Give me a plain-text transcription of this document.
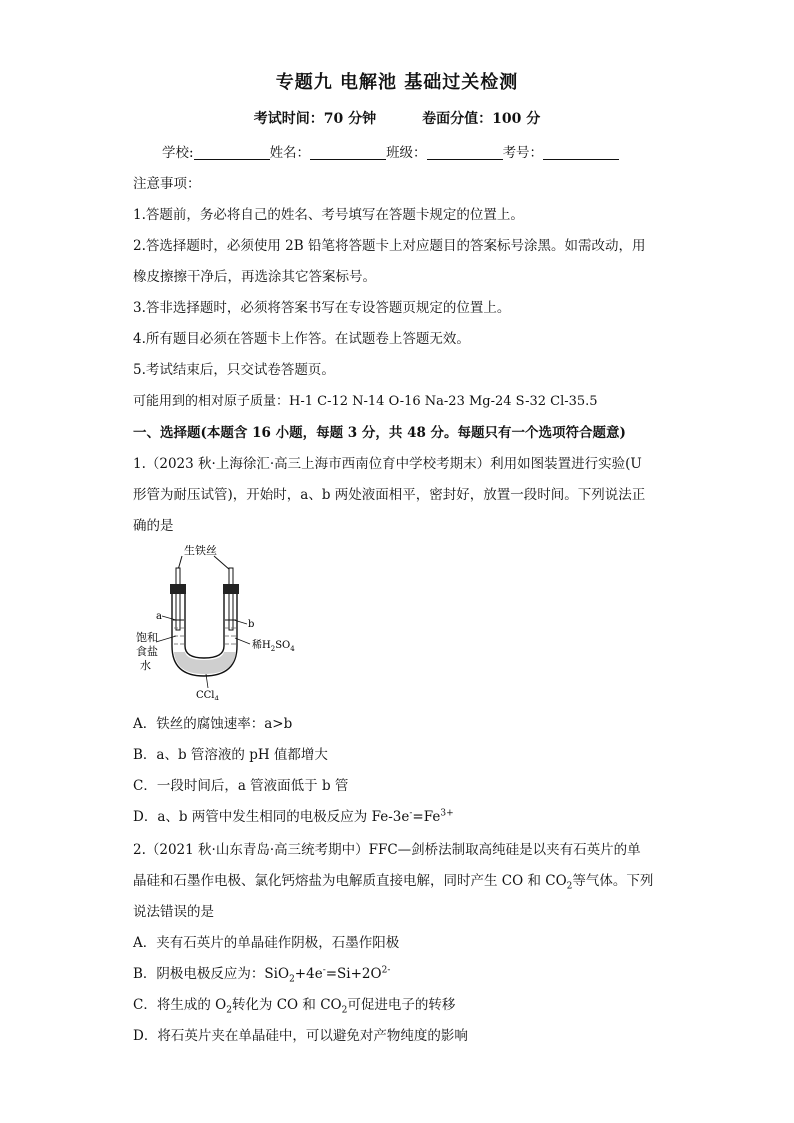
专题九 电解池 基础过关检测
考试时间：70 分钟	卷面分值：100 分
学校:	姓名：	班级：	考号：
注意事项：
1.答题前，务必将自己的姓名、考号填写在答题卡规定的位置上。
2.答选择题时，必须使用 2B 铅笔将答题卡上对应题目的答案标号涂黑。如需改动，用
橡皮擦擦干净后，再选涂其它答案标号。
3.答非选择题时，必须将答案书写在专设答题页规定的位置上。
4.所有题目必须在答题卡上作答。在试题卷上答题无效。
5.考试结束后，只交试卷答题页。
可能用到的相对原子质量：H-1 C-12 N-14 O-16 Na-23 Mg-24 S-32 Cl-35.5
一、选择题(本题含 16 小题，每题 3 分，共 48 分。每题只有一个选项符合题意)
1.（2023 秋·上海徐汇·高三上海市西南位育中学校考期末）利用如图装置进行实验(U
形管为耐压试管)，开始时，a、b 两处液面相平，密封好，放置一段时间。下列说法正
确的是
生铁丝
a
b
饱和
食盐
水
稀$H_2SO_4$
CCl$_4$
A．铁丝的腐蚀速率：a>b
B．a、b 管溶液的 pH 值都增大
C．一段时间后，a 管液面低于 b 管
D．a、b 两管中发生相同的电极反应为 $Fe-3e^-=Fe^{3+}$
2.（2021 秋·山东青岛·高三统考期中）FFC—剑桥法制取高纯硅是以夹有石英片的单
晶硅和石墨作电极、氯化钙熔盐为电解质直接电解，同时产生 CO 和 $CO_2$等气体。下列
说法错误的是
A．夹有石英片的单晶硅作阴极，石墨作阳极
B．阴极电极反应为：$SiO_2+4e^-=Si+2O^{2-}$
C．将生成的 $O_2$转化为 CO 和 $CO_2$可促进电子的转移
D．将石英片夹在单晶硅中，可以避免对产物纯度的影响
